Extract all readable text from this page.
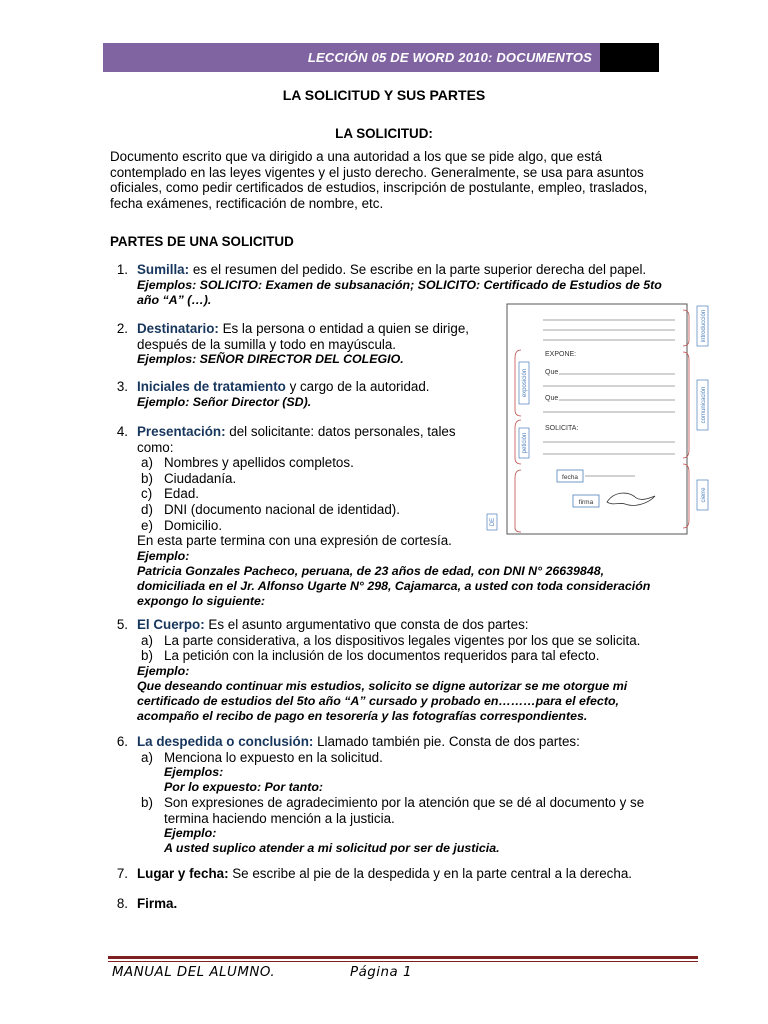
LECCIÓN 05 DE WORD 2010: DOCUMENTOS
LA SOLICITUD Y SUS PARTES
LA SOLICITUD:

Documento escrito que va dirigido a una autoridad a los que se pide algo, que está

contemplado en las leyes vigentes y el justo derecho. Generalmente, se usa para asuntos

oficiales, como pedir certificados de estudios, inscripción de postulante, empleo, traslados,

fecha exámenes, rectificación de nombre, etc.

PARTES DE UNA SOLICITUD
1. Sumilla: es el resumen del pedido. Se escribe en la parte superior derecha del papel.

Ejemplos: SOLICITO: Examen de subsanación; SOLICITO: Certificado de Estudios de 5to

año “A” (…).

2. Destinatario: Es la persona o entidad a quien se dirige,

después de la sumilla y todo en mayúscula.

Ejemplos: SEÑOR DIRECTOR DEL COLEGIO.

3. Iniciales de tratamiento y cargo de la autoridad.

Ejemplo: Señor Director (SD).

4. Presentación: del solicitante: datos personales, tales

como:

a) Nombres y apellidos completos.
b) Ciudadanía.
c) Edad.
d) DNI (documento nacional de identidad).
e) Domicilio.

En esta parte termina con una expresión de cortesía.

Ejemplo:

Patricia Gonzales Pacheco, peruana, de 23 años de edad, con DNI N° 26639848,

domiciliada en el Jr. Alfonso Ugarte N° 298, Cajamarca, a usted con toda consideración

expongo lo siguiente:

5. El Cuerpo: Es el asunto argumentativo que consta de dos partes:

a) La parte considerativa, a los dispositivos legales vigentes por los que se solicita.
b) La petición con la inclusión de los documentos requeridos para tal efecto.

Ejemplo:

Que deseando continuar mis estudios, solicito se digne autorizar se me otorgue mi

certificado de estudios del 5to año “A” cursado y probado en………para el efecto,

acompaño el recibo de pago en tesorería y las fotografías correspondientes.

6. La despedida o conclusión: Llamado también pie. Consta de dos partes:

a) Menciona lo expuesto en la solicitud.

Ejemplos:

Por lo expuesto: Por tanto:

b) Son expresiones de agradecimiento por la atención que se dé al documento y se

termina haciendo mención a la justicia.

Ejemplo:

A usted suplico atender a mi solicitud por ser de justicia.

7. Lugar y fecha: Se escribe al pie de la despedida y en la parte central a la derecha.

8. Firma.

EXPONE:
Que
Que
SOLICITA:
fecha
firma
exposición
petición
DE
introducción
comunicación
cierre
MANUAL DEL ALUMNO.	Página 1
